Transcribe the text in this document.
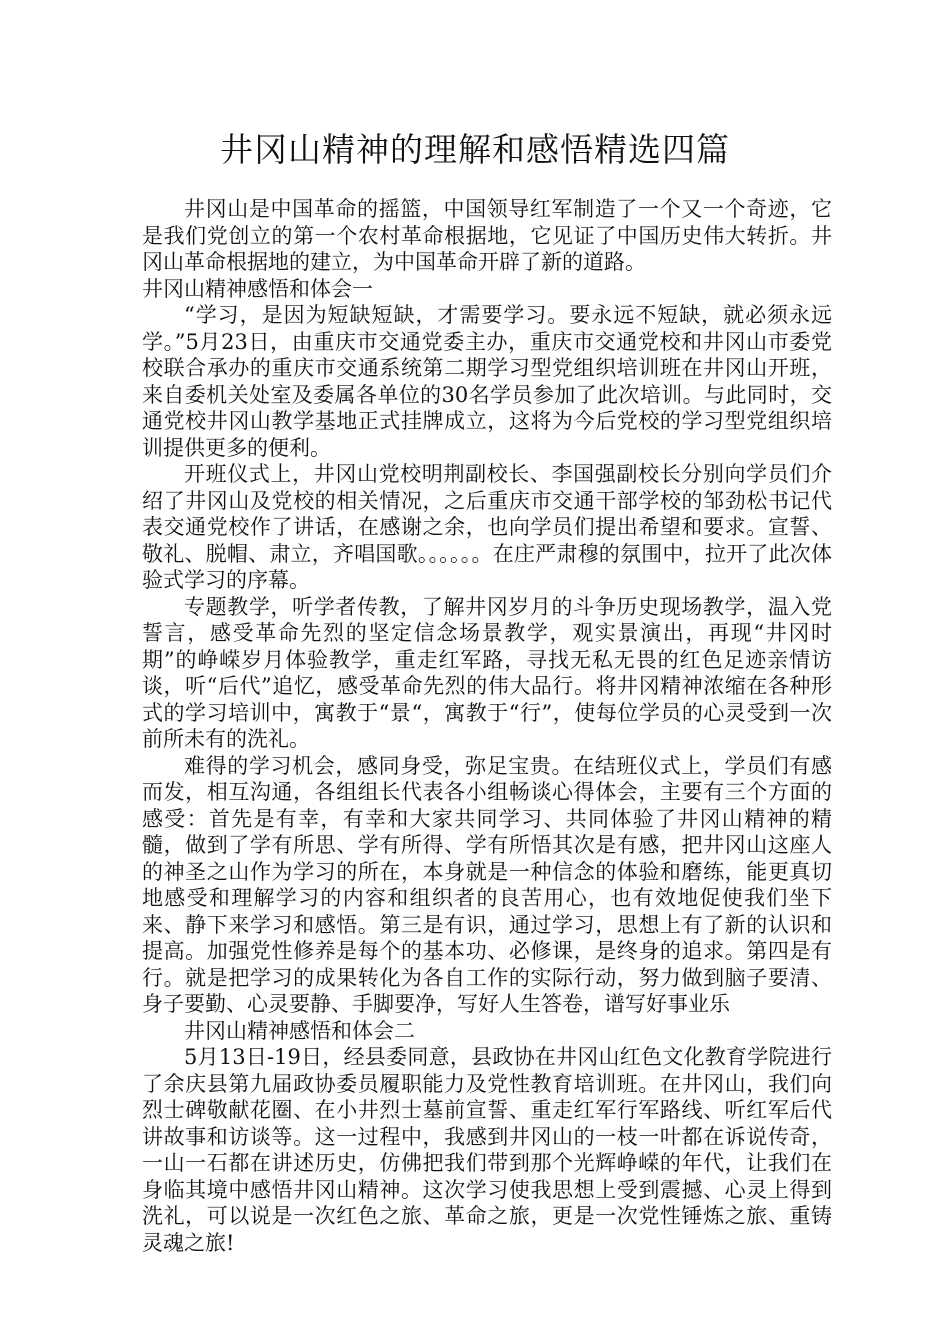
井冈山精神的理解和感悟精选四篇

井冈山是中国革命的摇篮，中国领导红军制造了一个又一个奇迹，它是我们党创立的第一个农村革命根据地，它见证了中国历史伟大转折。井冈山革命根据地的建立，为中国革命开辟了新的道路。

井冈山精神感悟和体会一

“学习，是因为短缺短缺，才需要学习。要永远不短缺，就必须永远学。”5月23日，由重庆市交通党委主办，重庆市交通党校和井冈山市委党校联合承办的重庆市交通系统第二期学习型党组织培训班在井冈山开班，来自委机关处室及委属各单位的30名学员参加了此次培训。与此同时，交通党校井冈山教学基地正式挂牌成立，这将为今后党校的学习型党组织培训提供更多的便利。

开班仪式上，井冈山党校明荆副校长、李国强副校长分别向学员们介绍了井冈山及党校的相关情况，之后重庆市交通干部学校的邹劲松书记代表交通党校作了讲话，在感谢之余，也向学员们提出希望和要求。宣誓、敬礼、脱帽、肃立，齐唱国歌。。。。。。在庄严肃穆的氛围中，拉开了此次体验式学习的序幕。

专题教学，听学者传教，了解井冈岁月的斗争历史现场教学，温入党誓言，感受革命先烈的坚定信念场景教学，观实景演出，再现“井冈时期”的峥嵘岁月体验教学，重走红军路，寻找无私无畏的红色足迹亲情访谈，听“后代”追忆，感受革命先烈的伟大品行。将井冈精神浓缩在各种形式的学习培训中，寓教于“景“，寓教于“行”，使每位学员的心灵受到一次前所未有的洗礼。

难得的学习机会，感同身受，弥足宝贵。在结班仪式上，学员们有感而发，相互沟通，各组组长代表各小组畅谈心得体会，主要有三个方面的感受：首先是有幸，有幸和大家共同学习、共同体验了井冈山精神的精髓，做到了学有所思、学有所得、学有所悟其次是有感，把井冈山这座人的神圣之山作为学习的所在，本身就是一种信念的体验和磨练，能更真切地感受和理解学习的内容和组织者的良苦用心，也有效地促使我们坐下来、静下来学习和感悟。第三是有识，通过学习，思想上有了新的认识和提高。加强党性修养是每个的基本功、必修课，是终身的追求。第四是有行。就是把学习的成果转化为各自工作的实际行动，努力做到脑子要清、身子要勤、心灵要静、手脚要净，写好人生答卷，谱写好事业乐

井冈山精神感悟和体会二

5月13日-19日，经县委同意，县政协在井冈山红色文化教育学院进行了余庆县第九届政协委员履职能力及党性教育培训班。在井冈山，我们向烈士碑敬献花圈、在小井烈士墓前宣誓、重走红军行军路线、听红军后代讲故事和访谈等。这一过程中，我感到井冈山的一枝一叶都在诉说传奇，一山一石都在讲述历史，仿佛把我们带到那个光辉峥嵘的年代，让我们在身临其境中感悟井冈山精神。这次学习使我思想上受到震撼、心灵上得到洗礼，可以说是一次红色之旅、革命之旅，更是一次党性锤炼之旅、重铸灵魂之旅!
